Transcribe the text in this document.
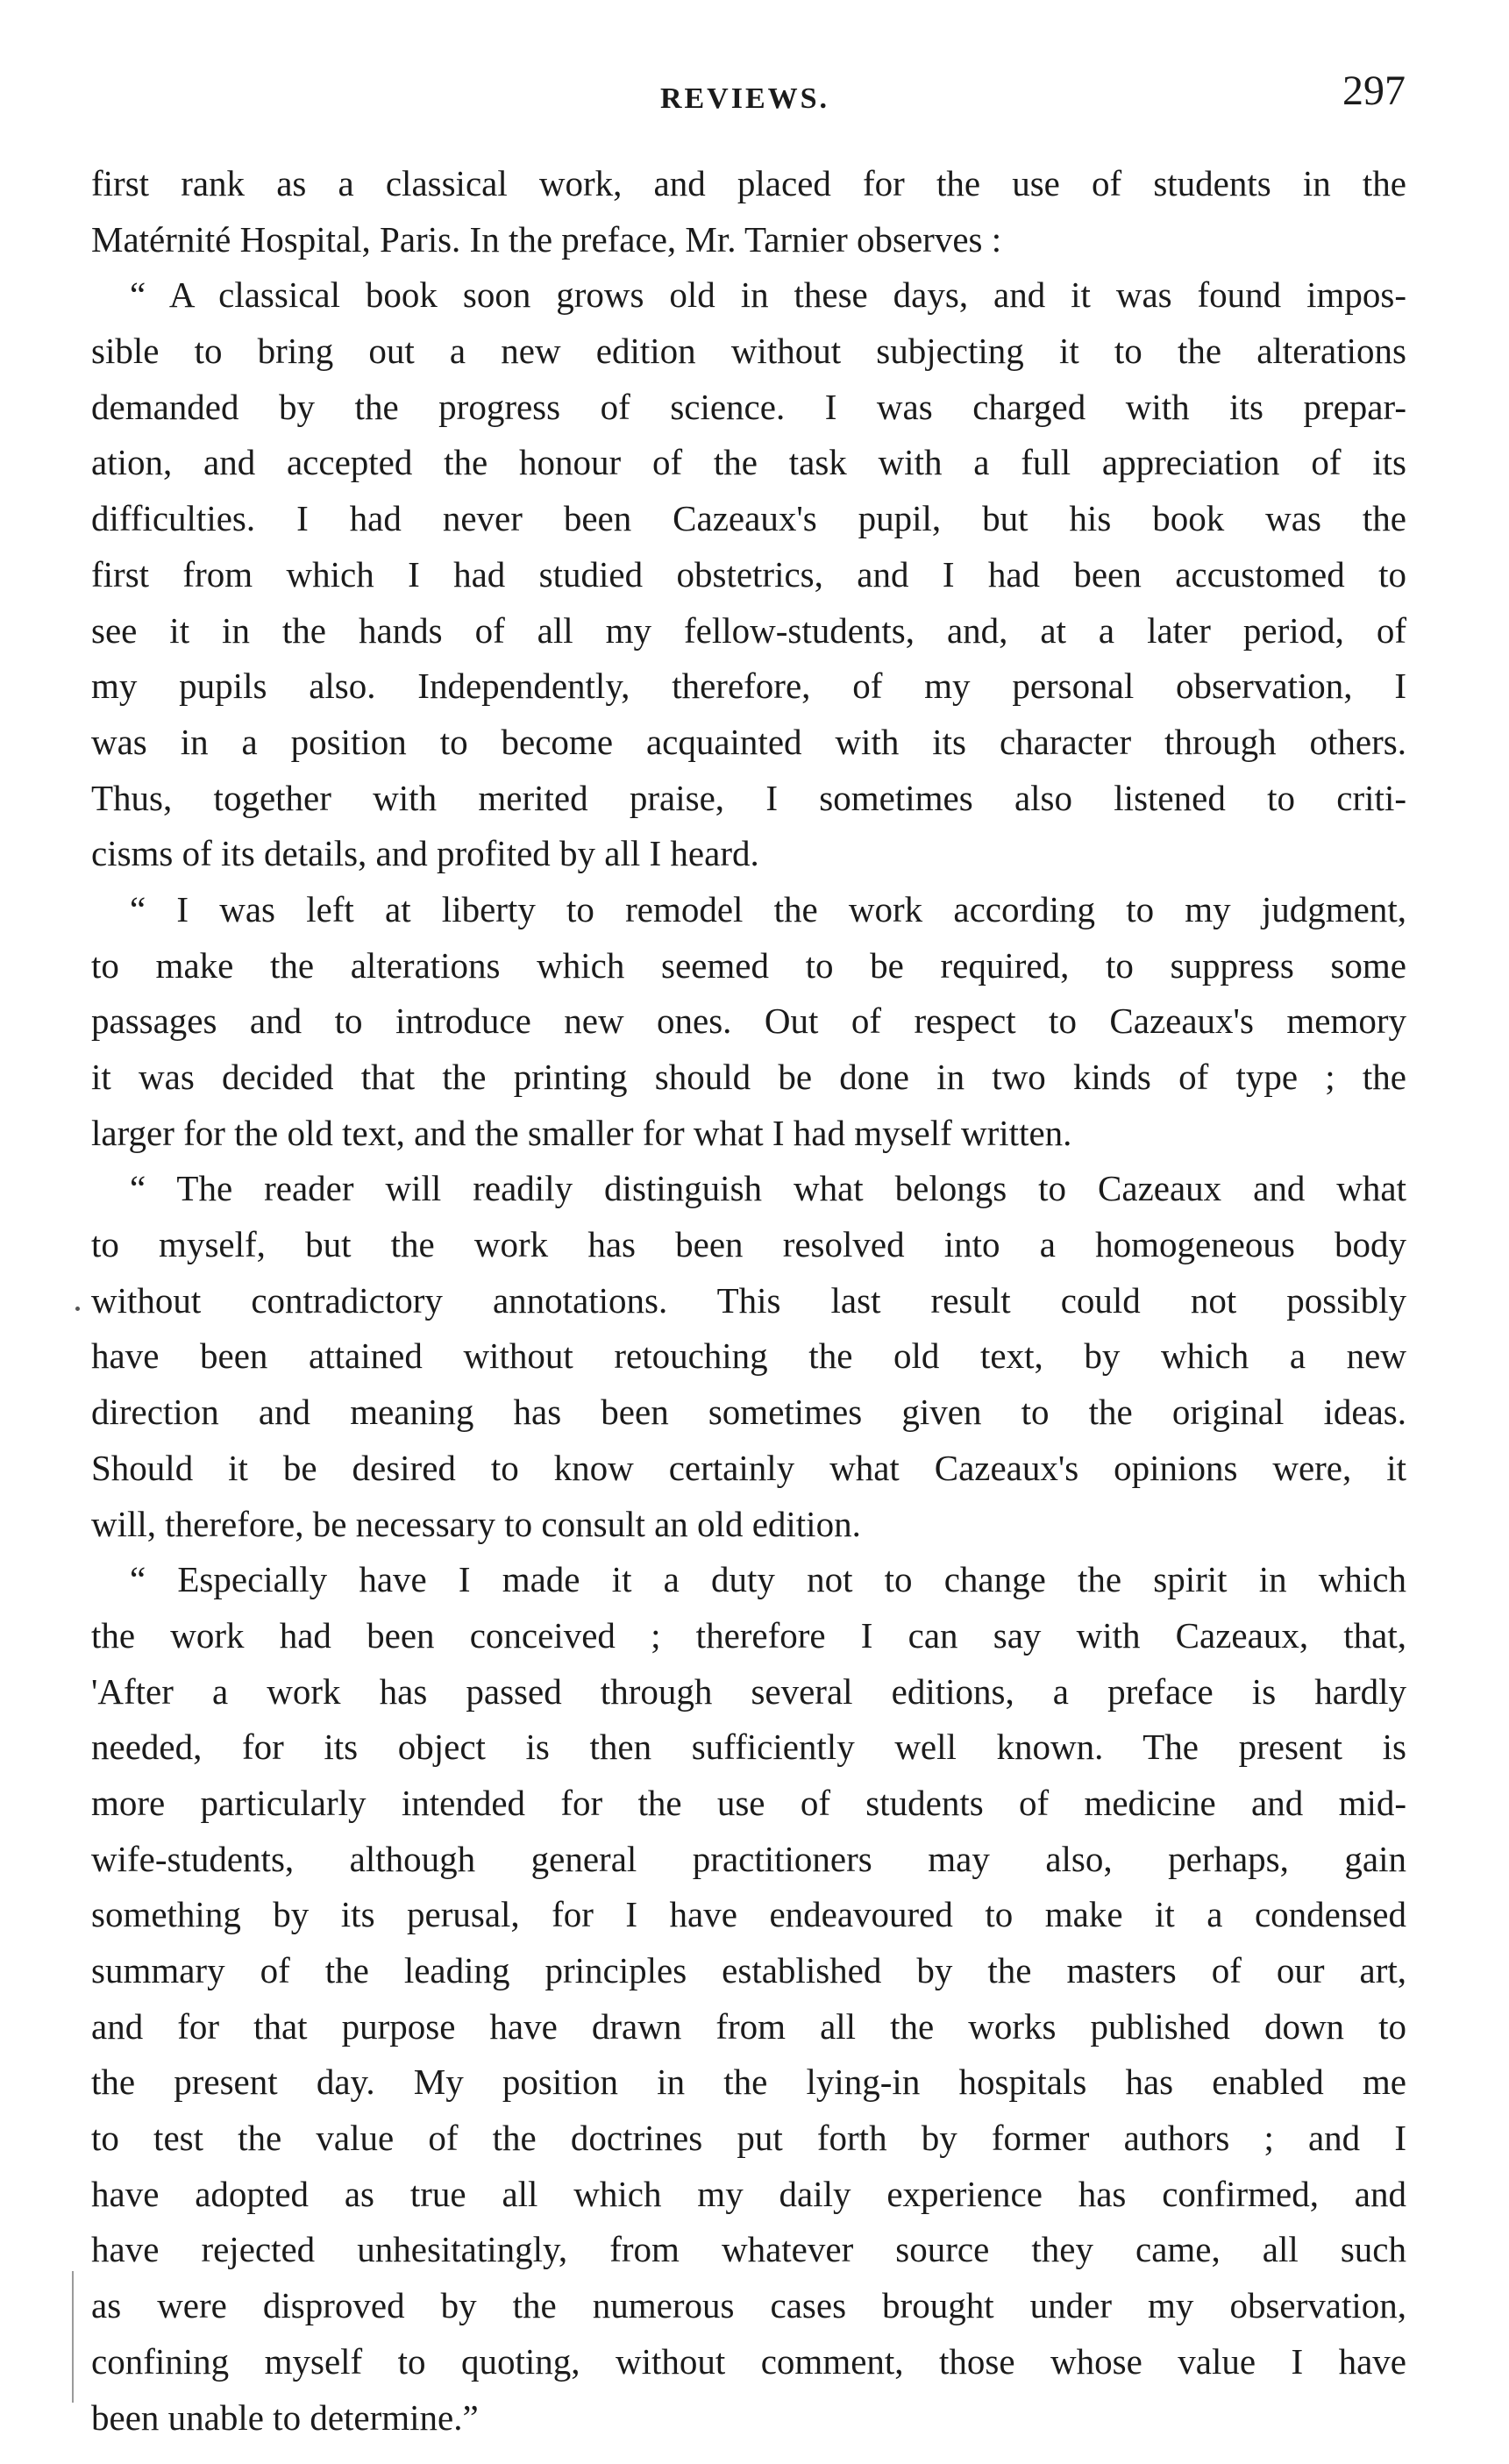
REVIEWS.	297
first rank as a classical work, and placed for the use of students in the
Matérnité Hospital, Paris. In the preface, Mr. Tarnier observes :
“ A classical book soon grows old in these days, and it was found impos-
sible to bring out a new edition without subjecting it to the alterations
demanded by the progress of science. I was charged with its prepar-
ation, and accepted the honour of the task with a full appreciation of its
difficulties. I had never been Cazeaux's pupil, but his book was the
first from which I had studied obstetrics, and I had been accustomed to
see it in the hands of all my fellow-students, and, at a later period, of
my pupils also. Independently, therefore, of my personal observation, I
was in a position to become acquainted with its character through others.
Thus, together with merited praise, I sometimes also listened to criti-
cisms of its details, and profited by all I heard.
“ I was left at liberty to remodel the work according to my judgment,
to make the alterations which seemed to be required, to suppress some
passages and to introduce new ones. Out of respect to Cazeaux's memory
it was decided that the printing should be done in two kinds of type ; the
larger for the old text, and the smaller for what I had myself written.
“ The reader will readily distinguish what belongs to Cazeaux and what
to myself, but the work has been resolved into a homogeneous body
without contradictory annotations. This last result could not possibly
have been attained without retouching the old text, by which a new
direction and meaning has been sometimes given to the original ideas.
Should it be desired to know certainly what Cazeaux's opinions were, it
will, therefore, be necessary to consult an old edition.
“ Especially have I made it a duty not to change the spirit in which
the work had been conceived ; therefore I can say with Cazeaux, that,
'After a work has passed through several editions, a preface is hardly
needed, for its object is then sufficiently well known. The present is
more particularly intended for the use of students of medicine and mid-
wife-students, although general practitioners may also, perhaps, gain
something by its perusal, for I have endeavoured to make it a condensed
summary of the leading principles established by the masters of our art,
and for that purpose have drawn from all the works published down to
the present day. My position in the lying-in hospitals has enabled me
to test the value of the doctrines put forth by former authors ; and I
have adopted as true all which my daily experience has confirmed, and
have rejected unhesitatingly, from whatever source they came, all such
as were disproved by the numerous cases brought under my observation,
confining myself to quoting, without comment, those whose value I have
been unable to determine.”
